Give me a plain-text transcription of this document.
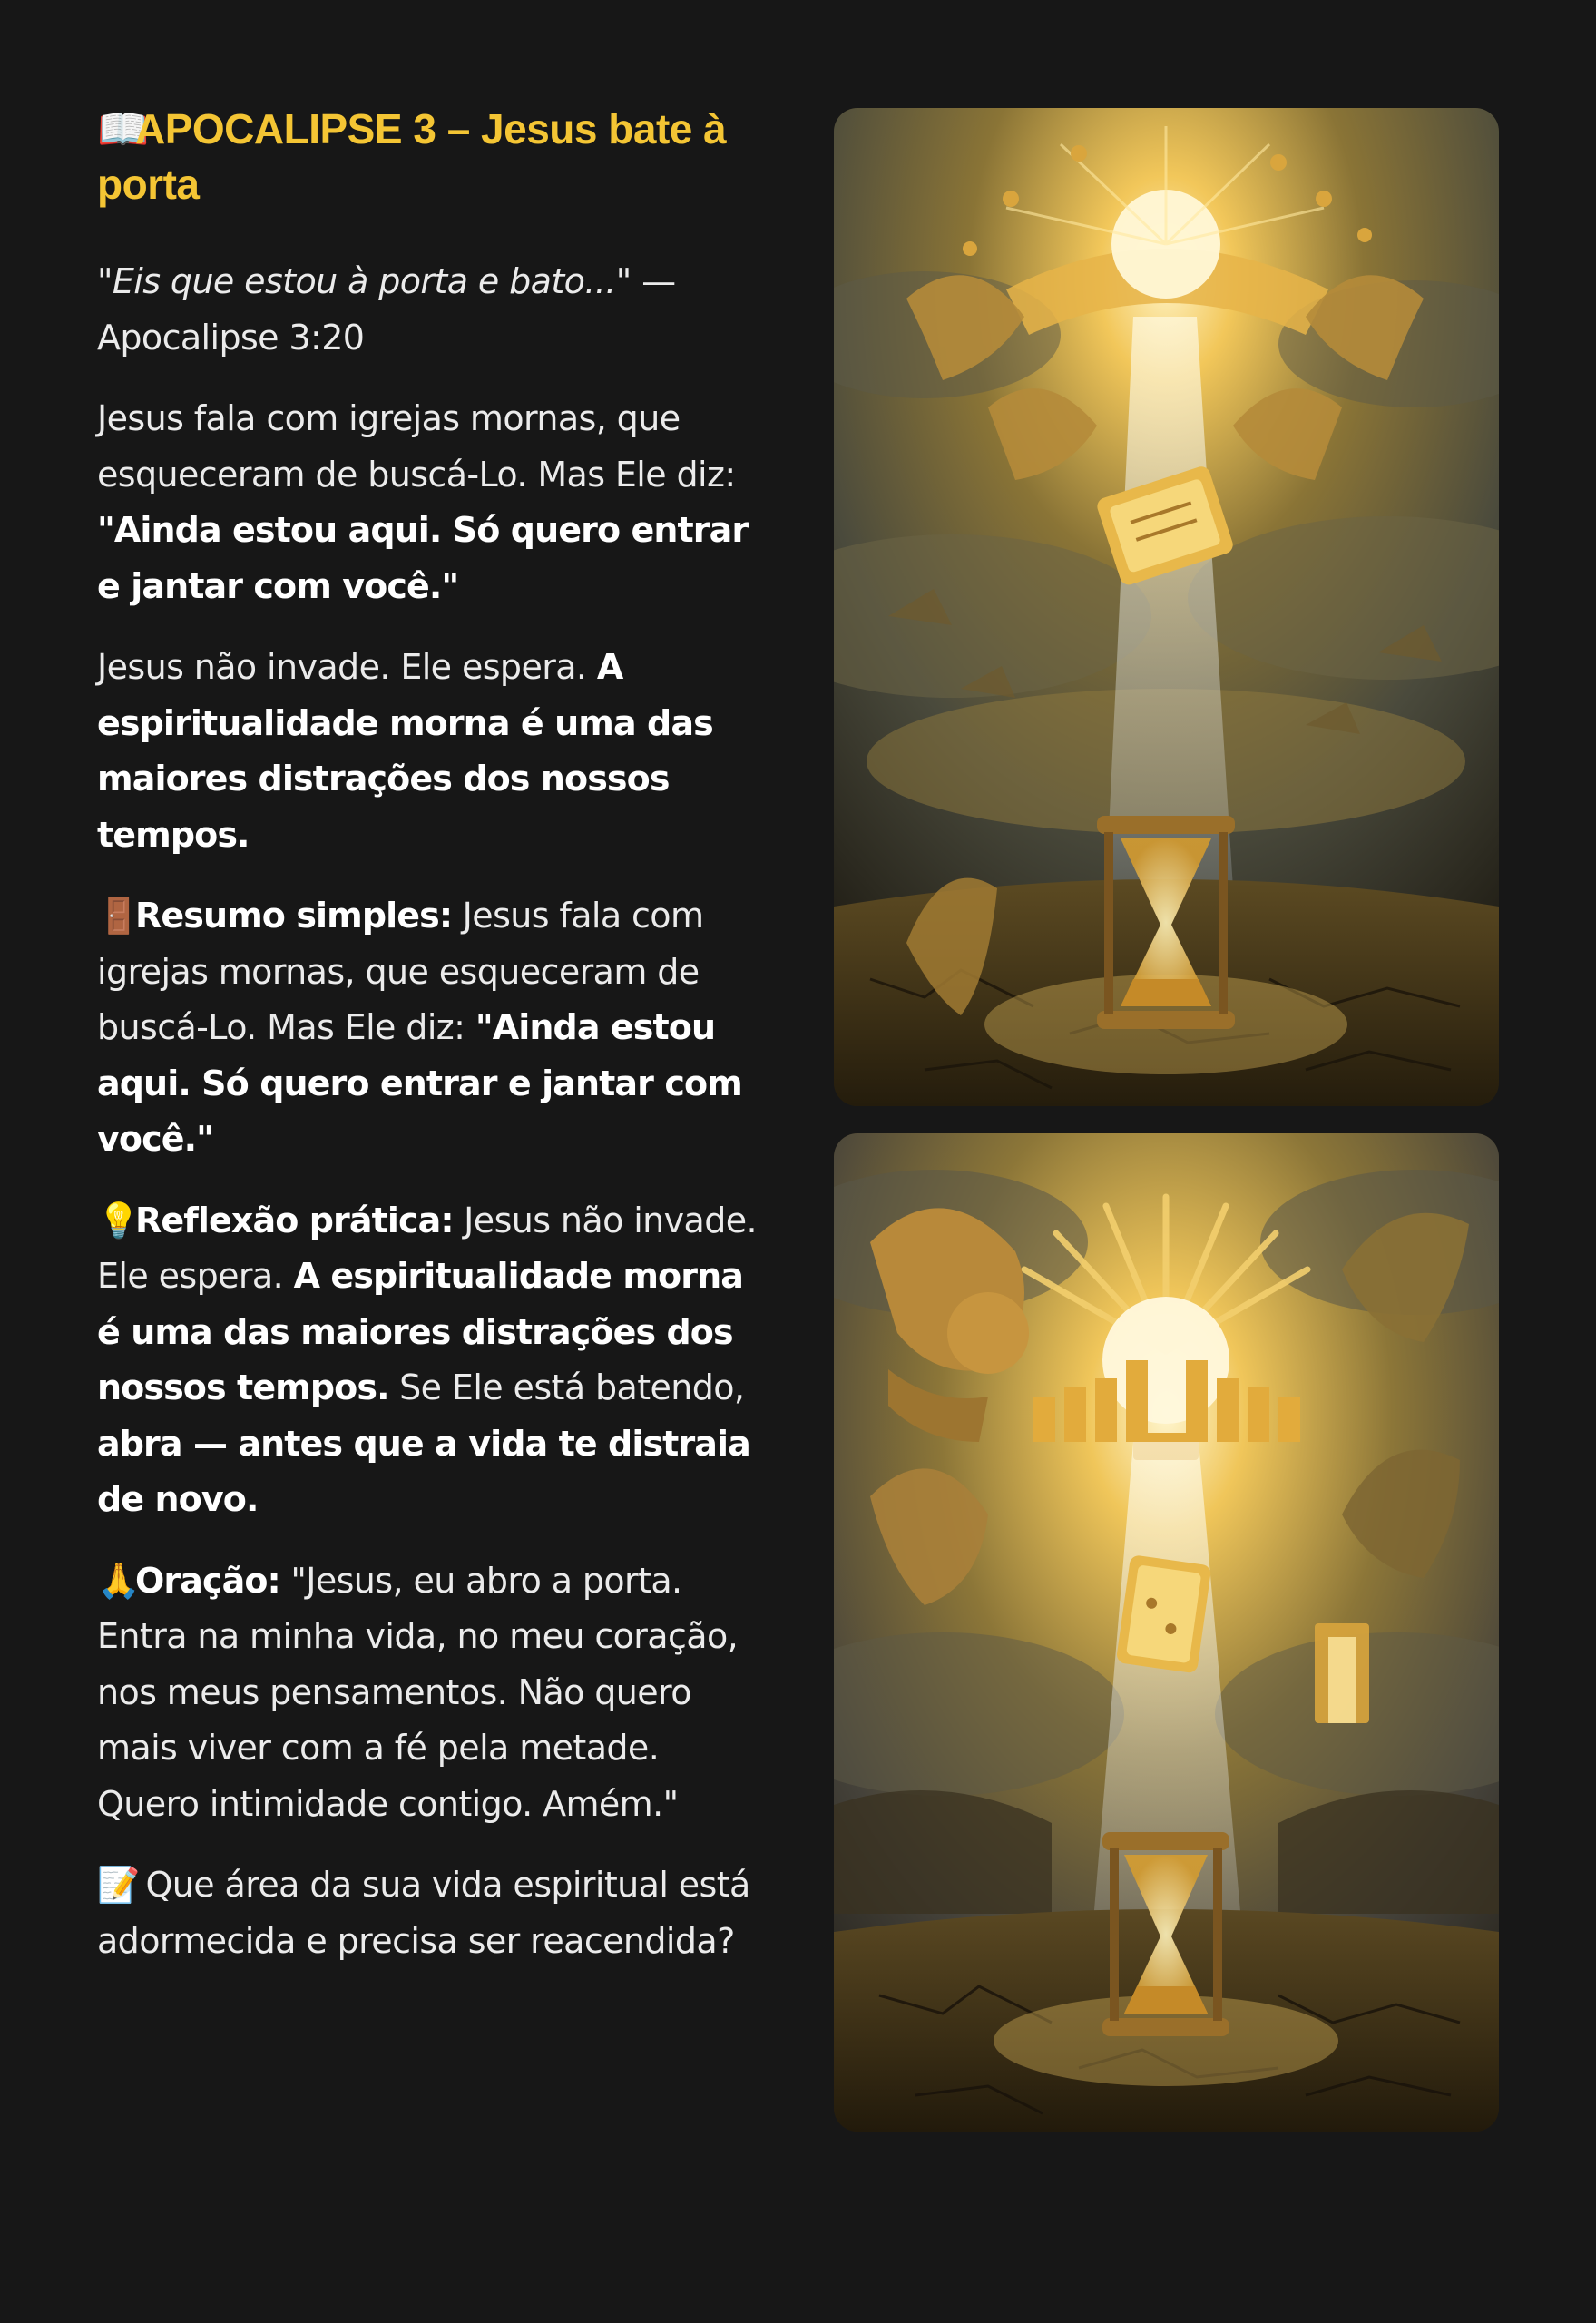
📖APOCALIPSE 3 – Jesus bate à porta

"Eis que estou à porta e bato..." — Apocalipse 3:20

Jesus fala com igrejas mornas, que esqueceram de buscá-Lo. Mas Ele diz: "Ainda estou aqui. Só quero entrar e jantar com você."

Jesus não invade. Ele espera. A espiritualidade morna é uma das maiores distrações dos nossos tempos.

🚪Resumo simples: Jesus fala com igrejas mornas, que esqueceram de buscá-Lo. Mas Ele diz: "Ainda estou aqui. Só quero entrar e jantar com você."

💡Reflexão prática: Jesus não invade. Ele espera. A espiritualidade morna é uma das maiores distrações dos nossos tempos. Se Ele está batendo, abra — antes que a vida te distraia de novo.

🙏Oração: "Jesus, eu abro a porta. Entra na minha vida, no meu coração, nos meus pensamentos. Não quero mais viver com a fé pela metade. Quero intimidade contigo. Amém."

📝 Que área da sua vida espiritual está adormecida e precisa ser reacendida?
